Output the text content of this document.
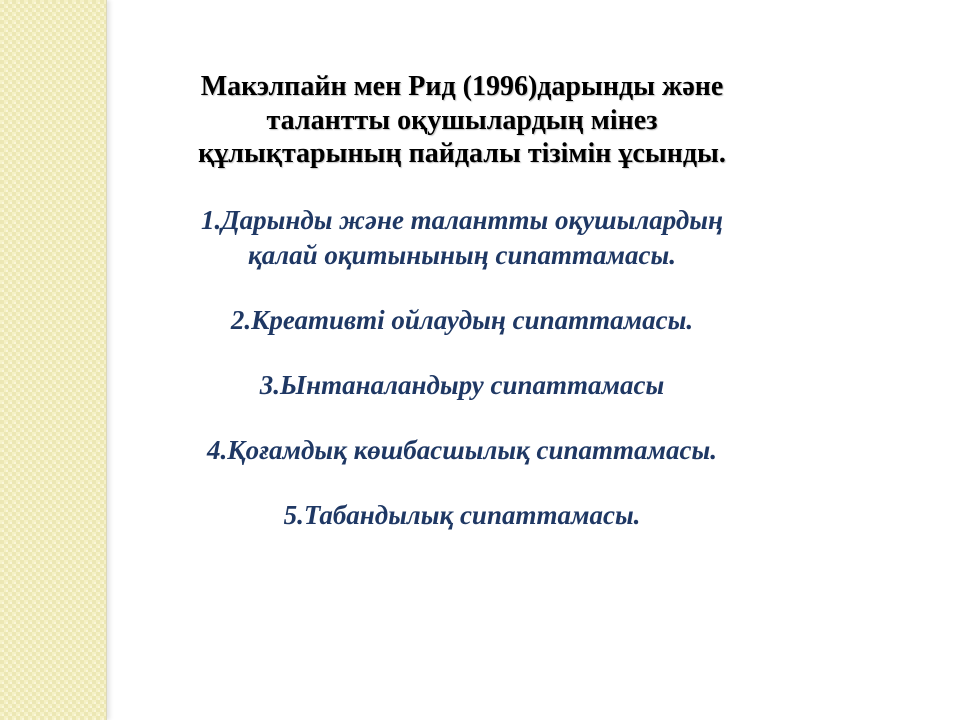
Макэлпайн мен Рид (1996)дарынды және
талантты оқушылардың мінез
құлықтарының пайдалы тізімін ұсынды.
1.Дарынды және талантты оқушылардың
қалай оқитынының сипаттамасы.
2.Креативті ойлаудың сипаттамасы.
3.Ынтаналандыру сипаттамасы
4.Қоғамдық көшбасшылық сипаттамасы.
5.Табандылық сипаттамасы.
